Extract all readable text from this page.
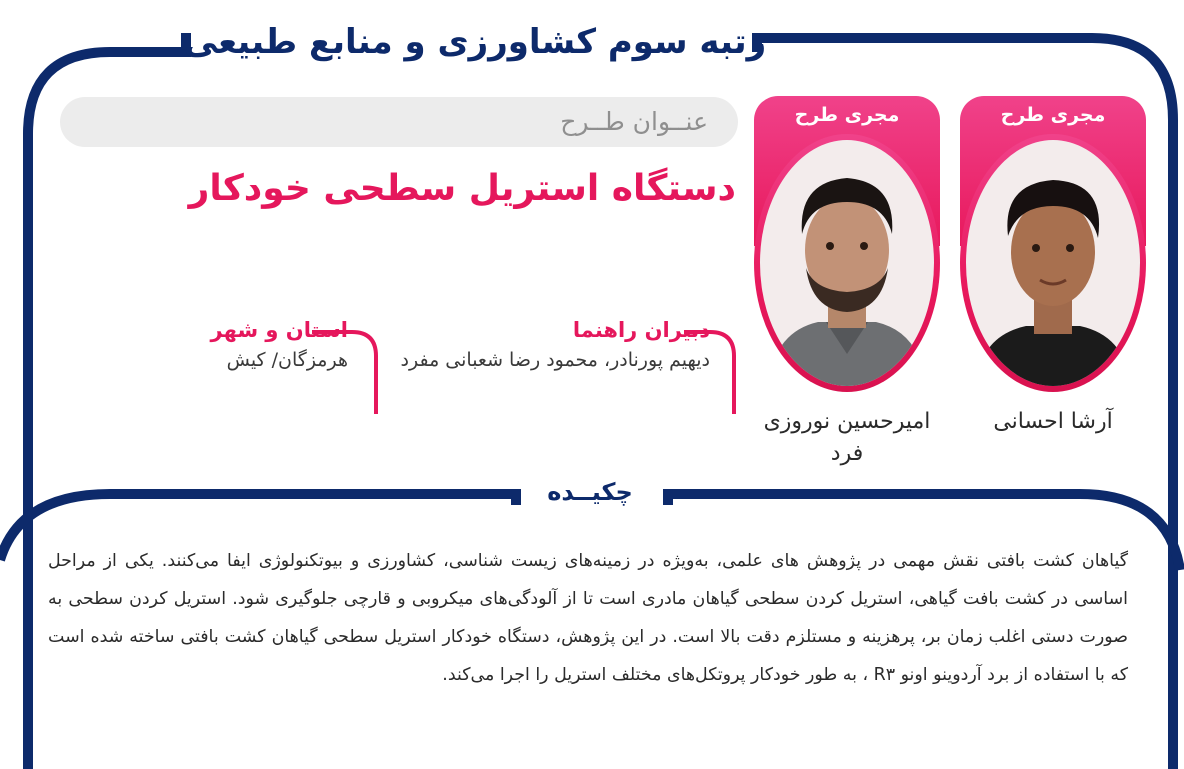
رتبه سوم کشاورزی و منابع طبیعی
عنــوان طــرح
دستگاه استریل سطحی خودکار
دبیران راهنما
دیهیم پورنادر، محمود رضا شعبانی مفرد
استان و شهر
هرمزگان/ کیش
مجری طرح
آرشا احسانی
مجری طرح
امیرحسین نوروزی فرد
چکیــده
گیاهان کشت بافتی نقش مهمی در پژوهش های علمی، به‌ویژه در زمینه‌های زیست شناسی، کشاورزی و بیوتکنولوژی ایفا می‌کنند. یکی از مراحل اساسی در کشت بافت گیاهی، استریل کردن سطحی گیاهان مادری است تا از آلودگی‌های میکروبی و قارچی جلوگیری شود. استریل کردن سطحی به صورت دستی اغلب زمان بر، پرهزینه و مستلزم دقت بالا است. در این پژوهش، دستگاه خودکار استریل سطحی گیاهان کشت بافتی ساخته شده است که با استفاده از برد آردوینو اونو R۳ ، به طور خودکار پروتکل‌های مختلف استریل را اجرا می‌کند.
